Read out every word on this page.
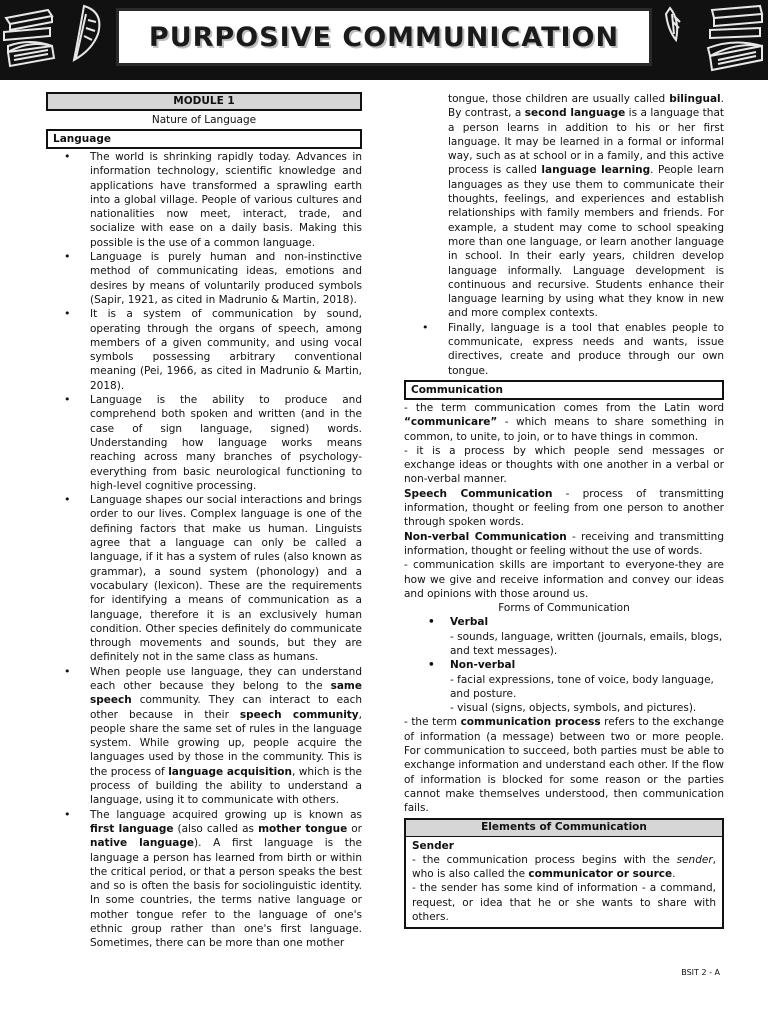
PURPOSIVE COMMUNICATION
MODULE 1
Nature of Language
Language
• The world is shrinking rapidly today. Advances in information technology, scientific knowledge and applications have transformed a sprawling earth into a global village. People of various cultures and nationalities now meet, interact, trade, and socialize with ease on a daily basis. Making this possible is the use of a common language.
• Language is purely human and non-instinctive method of communicating ideas, emotions and desires by means of voluntarily produced symbols (Sapir, 1921, as cited in Madrunio & Martin, 2018).
• It is a system of communication by sound, operating through the organs of speech, among members of a given community, and using vocal symbols possessing arbitrary conventional meaning (Pei, 1966, as cited in Madrunio & Martin, 2018).
• Language is the ability to produce and comprehend both spoken and written (and in the case of sign language, signed) words. Understanding how language works means reaching across many branches of psychology-everything from basic neurological functioning to high-level cognitive processing.
• Language shapes our social interactions and brings order to our lives. Complex language is one of the defining factors that make us human. Linguists agree that a language can only be called a language, if it has a system of rules (also known as grammar), a sound system (phonology) and a vocabulary (lexicon). These are the requirements for identifying a means of communication as a language, therefore it is an exclusively human condition. Other species definitely do communicate through movements and sounds, but they are definitely not in the same class as humans.
• When people use language, they can understand each other because they belong to the same speech community. They can interact to each other because in their speech community, people share the same set of rules in the language system. While growing up, people acquire the languages used by those in the community. This is the process of language acquisition, which is the process of building the ability to understand a language, using it to communicate with others.
• The language acquired growing up is known as first language (also called as mother tongue or native language). A first language is the language a person has learned from birth or within the critical period, or that a person speaks the best and so is often the basis for sociolinguistic identity. In some countries, the terms native language or mother tongue refer to the language of one's ethnic group rather than one's first language. Sometimes, there can be more than one mother
tongue, those children are usually called bilingual. By contrast, a second language is a language that a person learns in addition to his or her first language. It may be learned in a formal or informal way, such as at school or in a family, and this active process is called language learning. People learn languages as they use them to communicate their thoughts, feelings, and experiences and establish relationships with family members and friends. For example, a student may come to school speaking more than one language, or learn another language in school. In their early years, children develop language informally. Language development is continuous and recursive. Students enhance their language learning by using what they know in new and more complex contexts.
• Finally, language is a tool that enables people to communicate, express needs and wants, issue directives, create and produce through our own tongue.
Communication
- the term communication comes from the Latin word “communicare” - which means to share something in common, to unite, to join, or to have things in common.
- it is a process by which people send messages or exchange ideas or thoughts with one another in a verbal or non-verbal manner.
Speech Communication - process of transmitting information, thought or feeling from one person to another through spoken words.
Non-verbal Communication - receiving and transmitting information, thought or feeling without the use of words.
- communication skills are important to everyone-they are how we give and receive information and convey our ideas and opinions with those around us.
Forms of Communication
• Verbal
- sounds, language, written (journals, emails, blogs, and text messages).
• Non-verbal
- facial expressions, tone of voice, body language, and posture.
- visual (signs, objects, symbols, and pictures).
- the term communication process refers to the exchange of information (a message) between two or more people. For communication to succeed, both parties must be able to exchange information and understand each other. If the flow of information is blocked for some reason or the parties cannot make themselves understood, then communication fails.
Elements of Communication
Sender
- the communication process begins with the sender, who is also called the communicator or source.
- the sender has some kind of information - a command, request, or idea that he or she wants to share with others.
BSIT 2 - A
